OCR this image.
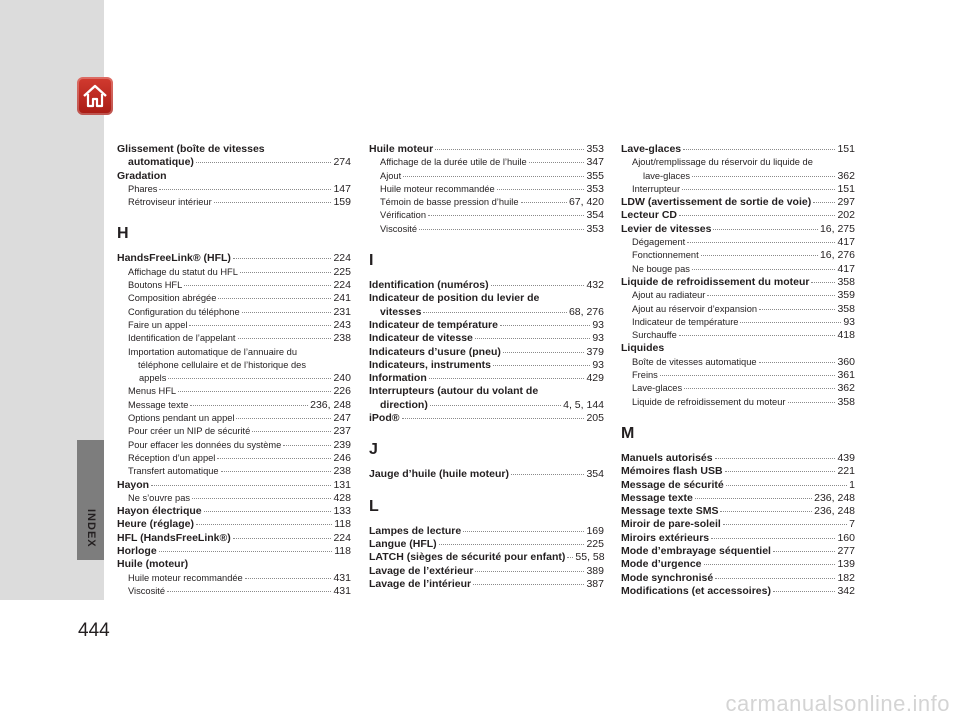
444
Glissement (boîte de vitesses
automatique)	274
Gradation
Phares	147
Rétroviseur intérieur	159
H
HandsFreeLink® (HFL)	224
Affichage du statut du HFL	225
Boutons HFL	224
Composition abrégée	241
Configuration du téléphone	231
Faire un appel	243
Identification de l’appelant	238
Importation automatique de l’annuaire du
téléphone cellulaire et de l’historique des
appels	240
Menus HFL	226
Message texte	236, 248
Options pendant un appel	247
Pour créer un NIP de sécurité	237
Pour effacer les données du système	239
Réception d’un appel	246
Transfert automatique	238
Hayon	131
Ne s’ouvre pas	428
Hayon électrique	133
Heure (réglage)	118
HFL (HandsFreeLink®)	224
Horloge	118
Huile (moteur)
Huile moteur recommandée	431
Viscosité	431
Huile moteur	353
Affichage de la durée utile de l’huile	347
Ajout	355
Huile moteur recommandée	353
Témoin de basse pression d’huile	67, 420
Vérification	354
Viscosité	353
I
Identification (numéros)	432
Indicateur de position du levier de
vitesses	68, 276
Indicateur de température	93
Indicateur de vitesse	93
Indicateurs d’usure (pneu)	379
Indicateurs, instruments	93
Information	429
Interrupteurs (autour du volant de
direction)	4, 5, 144
iPod®	205
J
Jauge d’huile (huile moteur)	354
L
Lampes de lecture	169
Langue (HFL)	225
LATCH (sièges de sécurité pour enfant) 55, 58
Lavage de l’extérieur	389
Lavage de l’intérieur	387
Lave-glaces	151
Ajout/remplissage du réservoir du liquide de
lave-glaces	362
Interrupteur	151
LDW (avertissement de sortie de voie) 297
Lecteur CD	202
Levier de vitesses	16, 275
Dégagement	417
Fonctionnement	16, 276
Ne bouge pas	417
Liquide de refroidissement du moteur	358
Ajout au radiateur	359
Ajout au réservoir d’expansion	358
Indicateur de température	93
Surchauffe	418
Liquides
Boîte de vitesses automatique	360
Freins	361
Lave-glaces	362
Liquide de refroidissement du moteur	358
M
Manuels autorisés	439
Mémoires flash USB	221
Message de sécurité	1
Message texte	236, 248
Message texte SMS	236, 248
Miroir de pare-soleil	7
Miroirs extérieurs	160
Mode d’embrayage séquentiel	277
Mode d’urgence	139
Mode synchronisé	182
Modifications (et accessoires)	342
carmanualsonline.info
